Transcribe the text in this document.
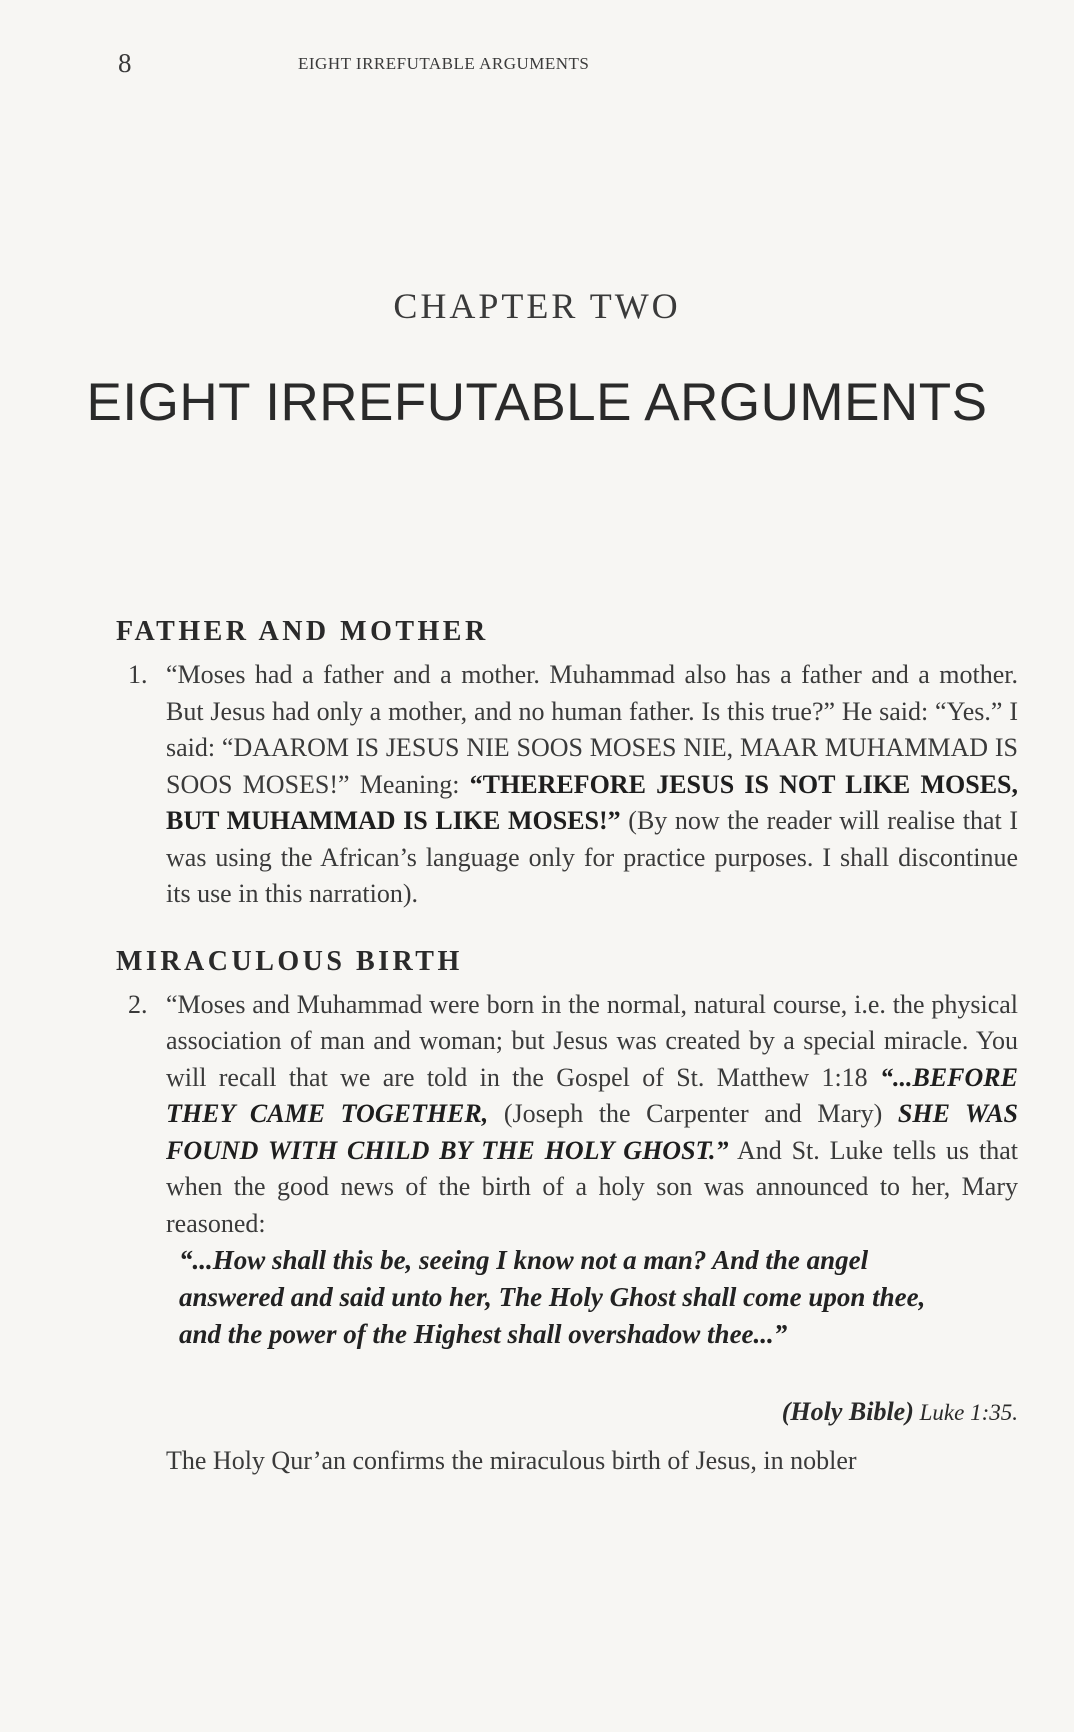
8	EIGHT IRREFUTABLE ARGUMENTS
CHAPTER TWO
EIGHT IRREFUTABLE ARGUMENTS
FATHER AND MOTHER

1. “Moses had a father and a mother. Muhammad also has a father and a mother. But Jesus had only a mother, and no human father. Is this true?” He said: “Yes.” I said: “DAAROM IS JESUS NIE SOOS MOSES NIE, MAAR MUHAMMAD IS SOOS MOSES!” Meaning: “THEREFORE JESUS IS NOT LIKE MOSES, BUT MUHAMMAD IS LIKE MOSES!” (By now the reader will realise that I was using the African’s language only for practice purposes. I shall discontinue its use in this narration).

MIRACULOUS BIRTH

2. “Moses and Muhammad were born in the normal, natural course, i.e. the physical association of man and woman; but Jesus was created by a special miracle. You will recall that we are told in the Gospel of St. Matthew 1:18 “...BEFORE THEY CAME TOGETHER, (Joseph the Carpenter and Mary) SHE WAS FOUND WITH CHILD BY THE HOLY GHOST.” And St. Luke tells us that when the good news of the birth of a holy son was announced to her, Mary reasoned:

“...How shall this be, seeing I know not a man? And the angel answered and said unto her, The Holy Ghost shall come upon thee, and the power of the Highest shall overshadow thee...”

(Holy Bible) Luke 1:35.

The Holy Qur’an confirms the miraculous birth of Jesus, in nobler
